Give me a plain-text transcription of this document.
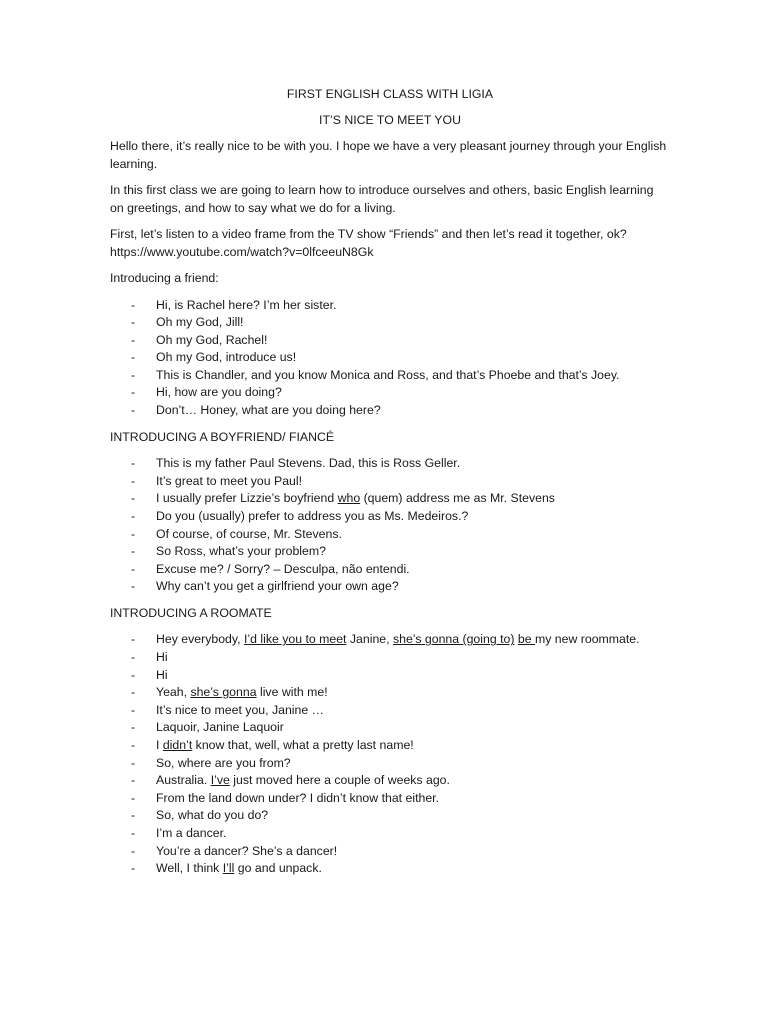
FIRST ENGLISH CLASS WITH LIGIA
IT’S NICE TO MEET YOU

Hello there, it’s really nice to be with you. I hope we have a very pleasant journey through your English learning.

In this first class we are going to learn how to introduce ourselves and others, basic English learning on greetings, and how to say what we do for a living.

First, let’s listen to a video frame from the TV show “Friends” and then let’s read it together, ok? https://www.youtube.com/watch?v=0lfceeuN8Gk

Introducing a friend:

- Hi, is Rachel here? I’m her sister.
- Oh my God, Jill!
- Oh my God, Rachel!
- Oh my God, introduce us!
- This is Chandler, and you know Monica and Ross, and that’s Phoebe and that’s Joey.
- Hi, how are you doing?
- Don’t… Honey, what are you doing here?

INTRODUCING A BOYFRIEND/ FIANCÉ

- This is my father Paul Stevens. Dad, this is Ross Geller.
- It’s great to meet you Paul!
- I usually prefer Lizzie’s boyfriend who (quem) address me as Mr. Stevens
- Do you (usually) prefer to address you as Ms. Medeiros.?
- Of course, of course, Mr. Stevens.
- So Ross, what’s your problem?
- Excuse me? / Sorry? – Desculpa, não entendi.
- Why can’t you get a girlfriend your own age?

INTRODUCING A ROOMATE

- Hey everybody, I’d like you to meet Janine, she’s gonna (going to) be my new roommate.
- Hi
- Hi
- Yeah, she’s gonna live with me!
- It’s nice to meet you, Janine …
- Laquoir, Janine Laquoir
- I didn’t know that, well, what a pretty last name!
- So, where are you from?
- Australia. I’ve just moved here a couple of weeks ago.
- From the land down under? I didn’t know that either.
- So, what do you do?
- I’m a dancer.
- You’re a dancer? She’s a dancer!
- Well, I think I’ll go and unpack.
